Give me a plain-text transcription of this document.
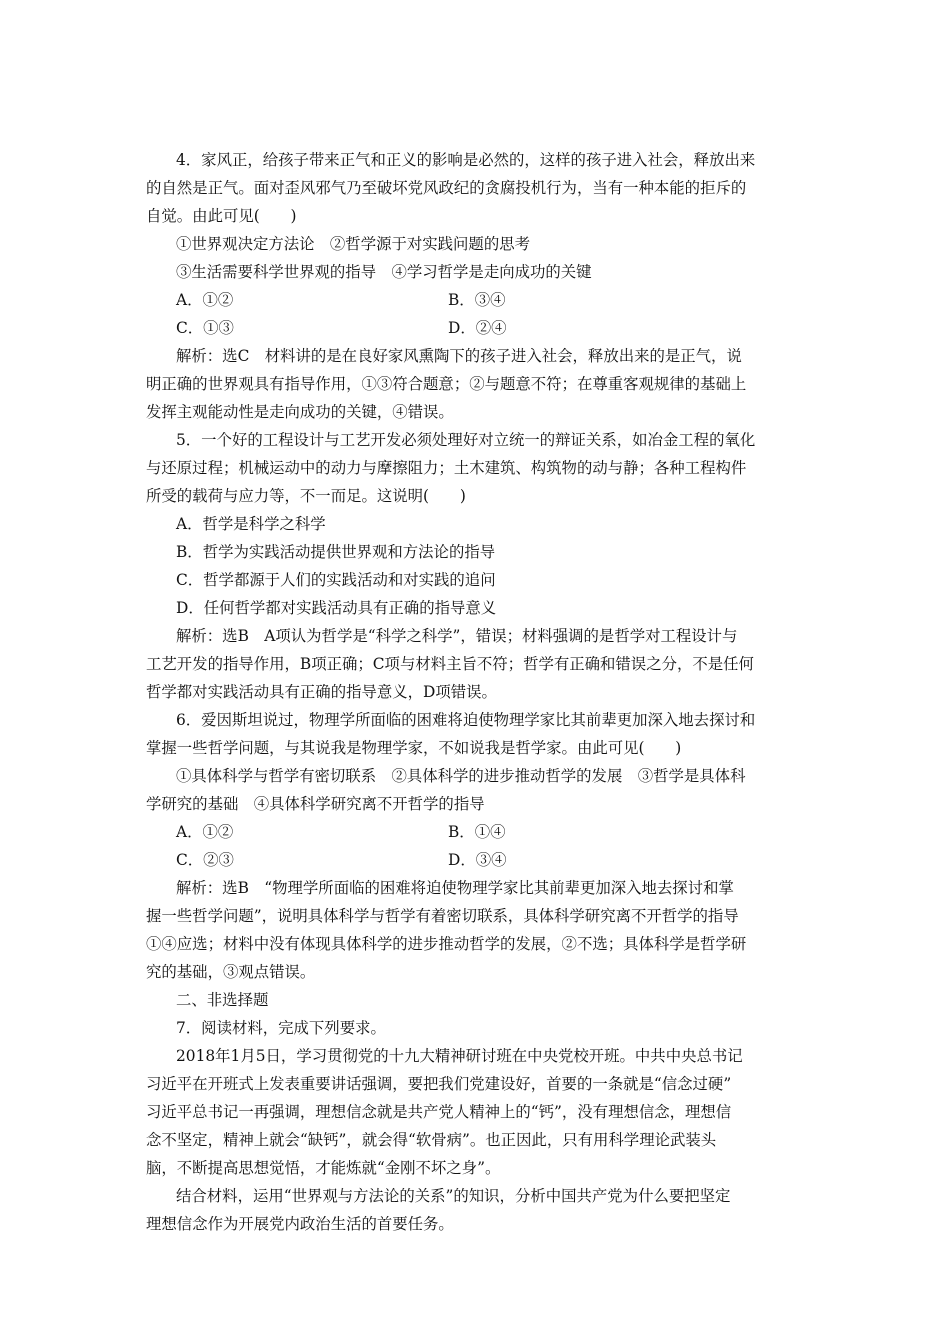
4．家风正，给孩子带来正气和正义的影响是必然的，这样的孩子进入社会，释放出来
的自然是正气。面对歪风邪气乃至破坏党风政纪的贪腐投机行为，当有一种本能的拒斥的
自觉。由此可见(　　)
①世界观决定方法论　②哲学源于对实践问题的思考
③生活需要科学世界观的指导　④学习哲学是走向成功的关键
A．①②	B．③④
C．①③	D．②④
解析：选C　材料讲的是在良好家风熏陶下的孩子进入社会，释放出来的是正气，说
明正确的世界观具有指导作用，①③符合题意；②与题意不符；在尊重客观规律的基础上
发挥主观能动性是走向成功的关键，④错误。
5．一个好的工程设计与工艺开发必须处理好对立统一的辩证关系，如冶金工程的氧化
与还原过程；机械运动中的动力与摩擦阻力；土木建筑、构筑物的动与静；各种工程构件
所受的载荷与应力等，不一而足。这说明(　　)
A．哲学是科学之科学
B．哲学为实践活动提供世界观和方法论的指导
C．哲学都源于人们的实践活动和对实践的追问
D．任何哲学都对实践活动具有正确的指导意义
解析：选B　A项认为哲学是“科学之科学”，错误；材料强调的是哲学对工程设计与
工艺开发的指导作用，B项正确；C项与材料主旨不符；哲学有正确和错误之分，不是任何
哲学都对实践活动具有正确的指导意义，D项错误。
6．爱因斯坦说过，物理学所面临的困难将迫使物理学家比其前辈更加深入地去探讨和
掌握一些哲学问题，与其说我是物理学家，不如说我是哲学家。由此可见(　　)
①具体科学与哲学有密切联系　②具体科学的进步推动哲学的发展　③哲学是具体科
学研究的基础　④具体科学研究离不开哲学的指导
A．①②	B．①④
C．②③	D．③④
解析：选B　“物理学所面临的困难将迫使物理学家比其前辈更加深入地去探讨和掌
握一些哲学问题”，说明具体科学与哲学有着密切联系，具体科学研究离不开哲学的指导
①④应选；材料中没有体现具体科学的进步推动哲学的发展，②不选；具体科学是哲学研
究的基础，③观点错误。
二、非选择题
7．阅读材料，完成下列要求。
2018年1月5日，学习贯彻党的十九大精神研讨班在中央党校开班。中共中央总书记
习近平在开班式上发表重要讲话强调，要把我们党建设好，首要的一条就是“信念过硬”
习近平总书记一再强调，理想信念就是共产党人精神上的“钙”，没有理想信念，理想信
念不坚定，精神上就会“缺钙”，就会得“软骨病”。也正因此，只有用科学理论武装头
脑，不断提高思想觉悟，才能炼就“金刚不坏之身”。
结合材料，运用“世界观与方法论的关系”的知识，分析中国共产党为什么要把坚定
理想信念作为开展党内政治生活的首要任务。
